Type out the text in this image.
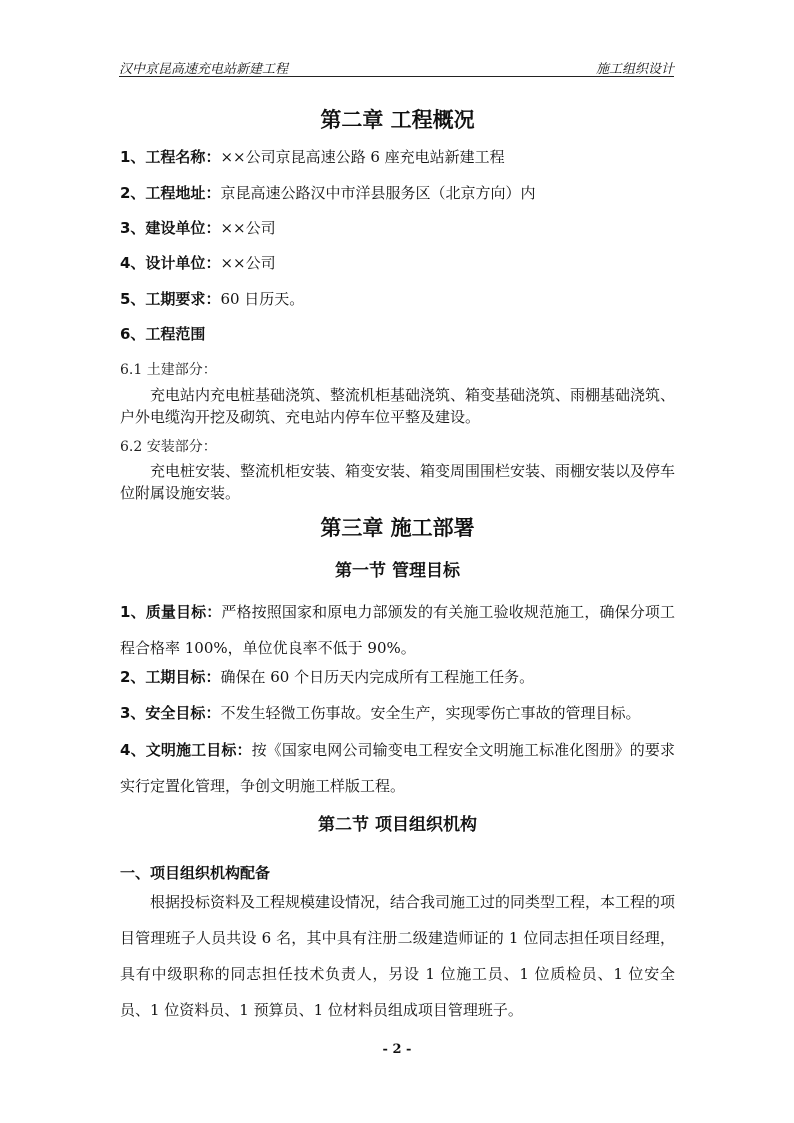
汉中京昆高速充电站新建工程	施工组织设计
第二章 工程概况
1、工程名称：××公司京昆高速公路 6 座充电站新建工程
2、工程地址：京昆高速公路汉中市洋县服务区（北京方向）内
3、建设单位：××公司
4、设计单位：××公司
5、工期要求：60 日历天。
6、工程范围
6.1 土建部分：
充电站内充电桩基础浇筑、整流机柜基础浇筑、箱变基础浇筑、雨棚基础浇筑、户外电缆沟开挖及砌筑、充电站内停车位平整及建设。
6.2 安装部分：
充电桩安装、整流机柜安装、箱变安装、箱变周围围栏安装、雨棚安装以及停车位附属设施安装。
第三章 施工部署
第一节 管理目标
1、质量目标：严格按照国家和原电力部颁发的有关施工验收规范施工，确保分项工程合格率 100%，单位优良率不低于 90%。
2、工期目标：确保在 60 个日历天内完成所有工程施工任务。
3、安全目标：不发生轻微工伤事故。安全生产，实现零伤亡事故的管理目标。
4、文明施工目标：按《国家电网公司输变电工程安全文明施工标准化图册》的要求实行定置化管理，争创文明施工样版工程。
第二节 项目组织机构
一、项目组织机构配备
根据投标资料及工程规模建设情况，结合我司施工过的同类型工程，本工程的项目管理班子人员共设 6 名，其中具有注册二级建造师证的 1 位同志担任项目经理，具有中级职称的同志担任技术负责人，另设 1 位施工员、1 位质检员、1 位安全员、1 位资料员、1 预算员、1 位材料员组成项目管理班子。
- 2 -
